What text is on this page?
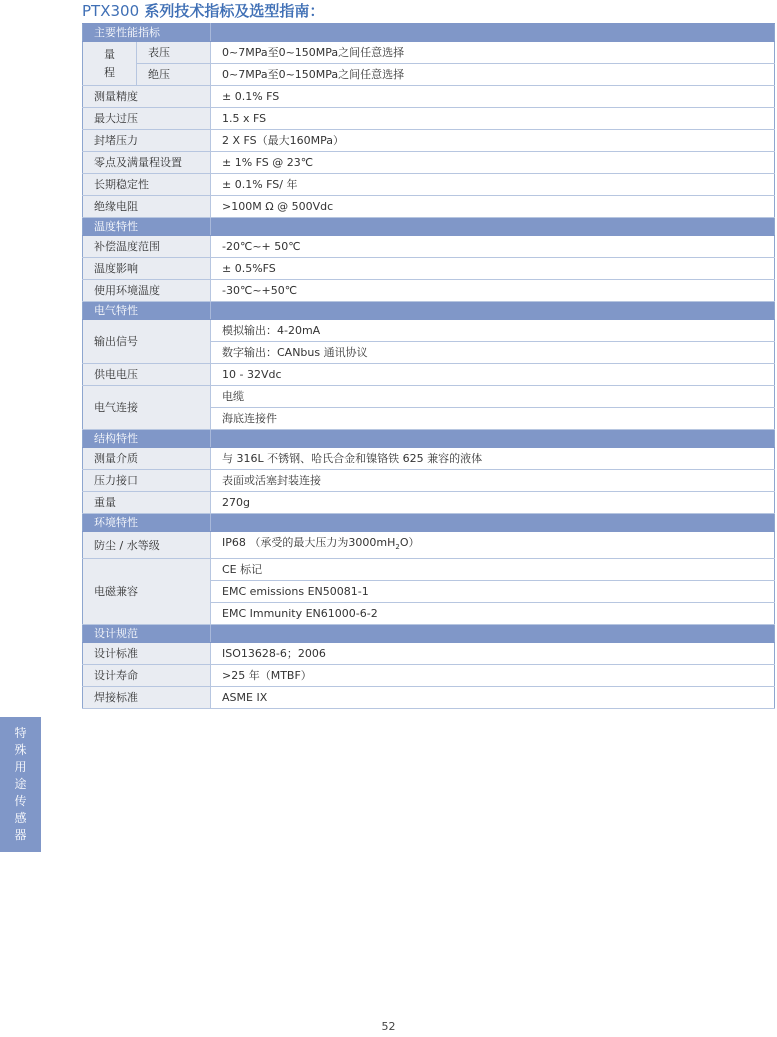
PTX300 系列技术指标及选型指南：
主要性能指标		

量
程	表压	0~7MPa至0~150MPa之间任意选择
	绝压	0~7MPa至0~150MPa之间任意选择
测量精度		± 0.1% FS
最大过压		1.5 x FS
封堵压力		2 X FS（最大160MPa）
零点及满量程设置		± 1% FS @ 23℃
长期稳定性		± 0.1% FS/ 年
绝缘电阻		>100M Ω @ 500Vdc
温度特性		
补偿温度范围		-20℃~+ 50℃
温度影响		± 0.5%FS
使用环境温度		-30℃~+50℃
电气特性		
输出信号		模拟输出：4-20mA
		数字输出：CANbus 通讯协议
供电电压		10 - 32Vdc
电气连接		电缆
		海底连接件
结构特性		
测量介质		与 316L 不锈钢、哈氏合金和镍铬铁 625 兼容的液体
压力接口		表面或活塞封装连接
重量		270g
环境特性		
防尘 / 水等级		IP68 （承受的最大压力为$3000mH_2O$）
电磁兼容		CE 标记
		EMC emissions EN50081-1
		EMC Immunity EN61000-6-2
设计规范		
设计标准		ISO13628-6；2006
设计寿命		>25 年（MTBF）
焊接标准		ASME IX
特
殊
用
途
传
感
器
52
